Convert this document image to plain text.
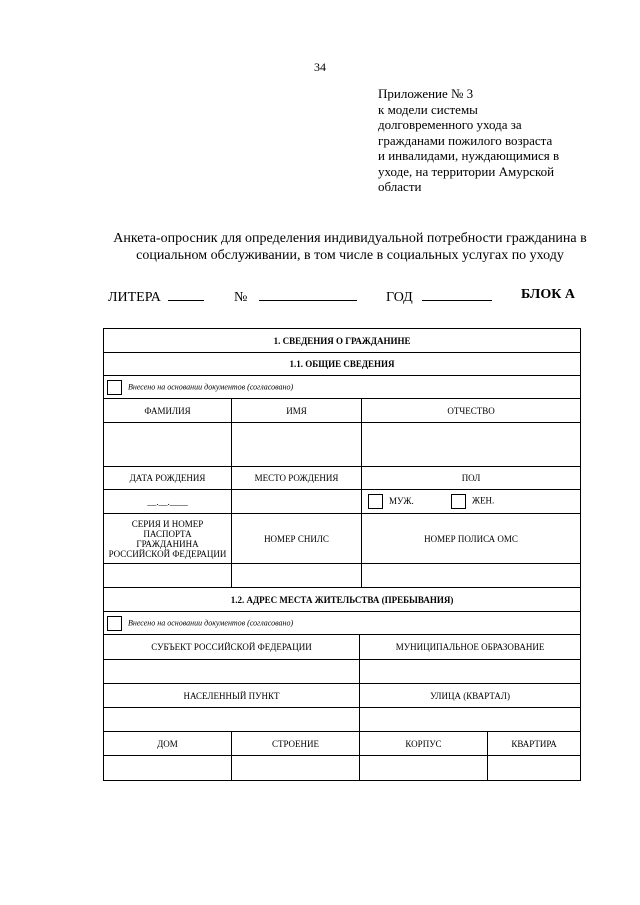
34
Приложение № 3
к модели системы
долговременного ухода за
гражданами пожилого возраста
и инвалидами, нуждающимися в
уходе, на территории Амурской
области
Анкета-опросник для определения индивидуальной потребности гражданина в
социальном обслуживании, в том числе в социальных услугах по уходу
ЛИТЕРА	№	ГОД	БЛОК А
1. СВЕДЕНИЯ О ГРАЖДАНИНЕ				
1.1. ОБЩИЕ СВЕДЕНИЯ				
Внесено на основании документов (согласовано)				
ФАМИЛИЯ	ИМЯ		ОТЧЕСТВО	

ДАТА РОЖДЕНИЯ	МЕСТО РОЖДЕНИЯ		ПОЛ	
__.__.____			МУЖ. ЖЕН.	

СЕРИЯ И НОМЕР ПАСПОРТА
ГРАЖДАНИНА
РОССИЙСКОЙ ФЕДЕРАЦИИ	НОМЕР СНИЛС		НОМЕР ПОЛИСА ОМС	

1.2. АДРЕС МЕСТА ЖИТЕЛЬСТВА (ПРЕБЫВАНИЯ)				
Внесено на основании документов (согласовано)				
СУБЪЕКТ РОССИЙСКОЙ ФЕДЕРАЦИИ		МУНИЦИПАЛЬНОЕ ОБРАЗОВАНИЕ		

НАСЕЛЕННЫЙ ПУНКТ		УЛИЦА (КВАРТАЛ)		

ДОМ	СТРОЕНИЕ	КОРПУС		КВАРТИРА
